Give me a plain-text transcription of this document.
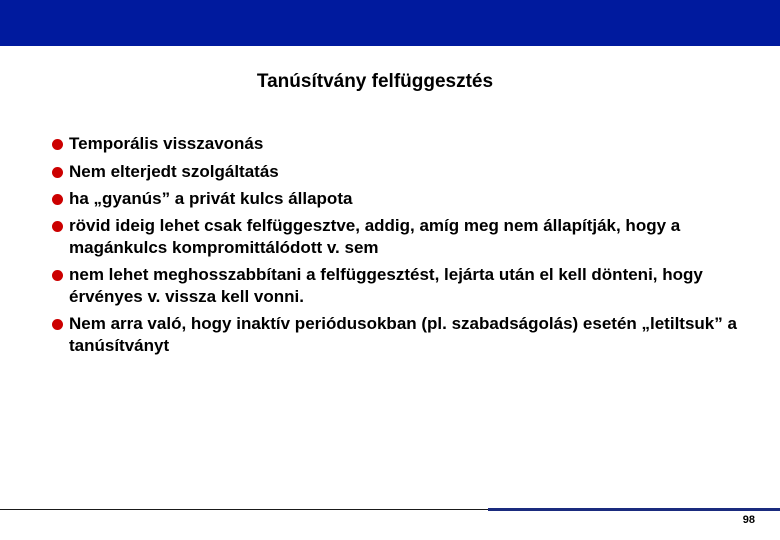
Tanúsítvány felfüggesztés
Temporális visszavonás
Nem elterjedt szolgáltatás
ha „gyanús” a privát kulcs állapota
rövid ideig lehet csak felfüggesztve, addig, amíg meg nem állapítják, hogy a magánkulcs kompromittálódott v. sem
nem lehet meghosszabbítani a felfüggesztést, lejárta után el kell dönteni, hogy érvényes v. vissza kell vonni.
Nem arra való, hogy inaktív periódusokban (pl. szabadságolás) esetén „letiltsuk” a tanúsítványt
98
